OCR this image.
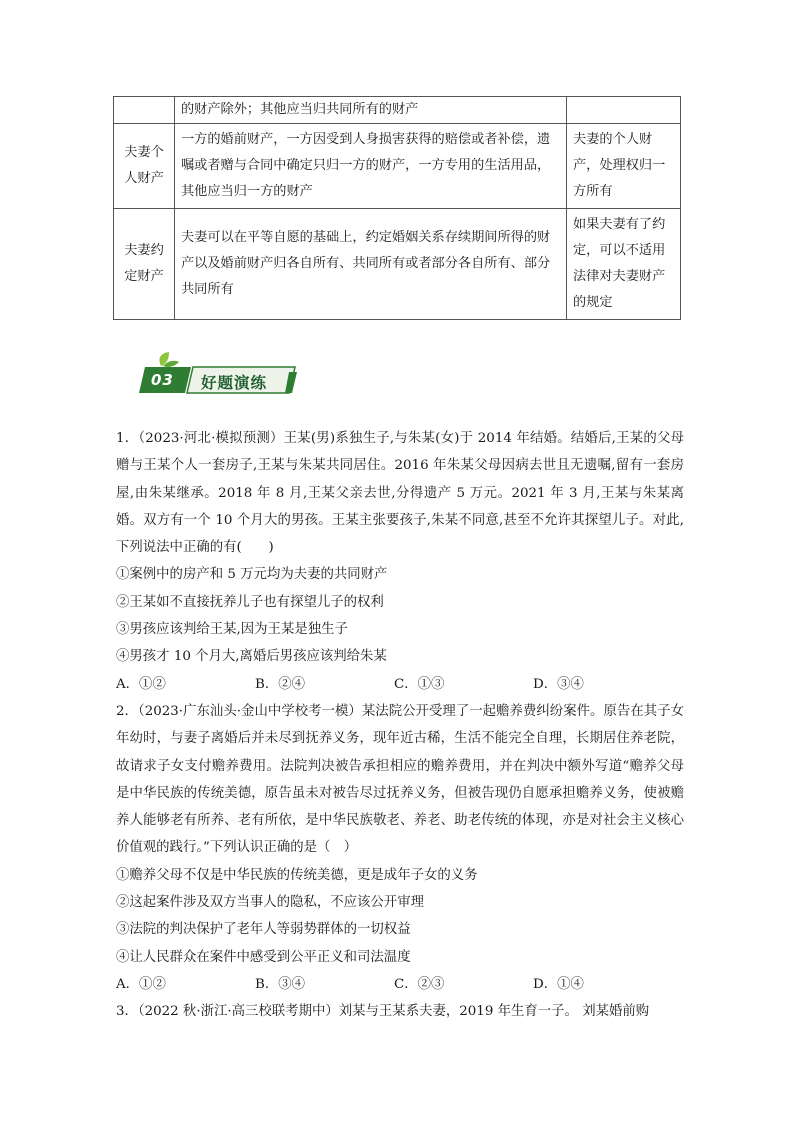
	的财产除外；其他应当归共同所有的财产	
夫妻个人财产	一方的婚前财产，一方因受到人身损害获得的赔偿或者补偿，遗嘱或者赠与合同中确定只归一方的财产，一方专用的生活用品，其他应当归一方的财产	夫妻的个人财产，处理权归一方所有
夫妻约定财产	夫妻可以在平等自愿的基础上，约定婚姻关系存续期间所得的财产以及婚前财产归各自所有、共同所有或者部分各自所有、部分共同所有	如果夫妻有了约定，可以不适用法律对夫妻财产的规定
03 好题演练

1．（2023·河北·模拟预测）王某(男)系独生子,与朱某(女)于 2014 年结婚。结婚后,王某的父母赠与王某个人一套房子,王某与朱某共同居住。2016 年朱某父母因病去世且无遗嘱,留有一套房屋,由朱某继承。2018 年 8 月,王某父亲去世,分得遗产 5 万元。2021 年 3 月,王某与朱某离婚。双方有一个 10 个月大的男孩。王某主张要孩子,朱某不同意,甚至不允许其探望儿子。对此,下列说法中正确的有(　　)

①案例中的房产和 5 万元均为夫妻的共同财产

②王某如不直接抚养儿子也有探望儿子的权利

③男孩应该判给王某,因为王某是独生子

④男孩才 10 个月大,离婚后男孩应该判给朱某

A．①②	B．②④	C．①③	D．③④

2．（2023·广东汕头·金山中学校考一模）某法院公开受理了一起赡养费纠纷案件。原告在其子女年幼时，与妻子离婚后并未尽到抚养义务，现年近古稀，生活不能完全自理，长期居住养老院，故请求子女支付赡养费用。法院判决被告承担相应的赡养费用，并在判决中额外写道“赡养父母是中华民族的传统美德，原告虽未对被告尽过抚养义务，但被告现仍自愿承担赡养义务，使被赡养人能够老有所养、老有所依，是中华民族敬老、养老、助老传统的体现，亦是对社会主义核心价值观的践行。”下列认识正确的是（　）

①赡养父母不仅是中华民族的传统美德，更是成年子女的义务

②这起案件涉及双方当事人的隐私，不应该公开审理

③法院的判决保护了老年人等弱势群体的一切权益

④让人民群众在案件中感受到公平正义和司法温度

A．①②	B．③④	C．②③	D．①④

3．（2022 秋·浙江·高三校联考期中）刘某与王某系夫妻，2019 年生育一子。 刘某婚前购
